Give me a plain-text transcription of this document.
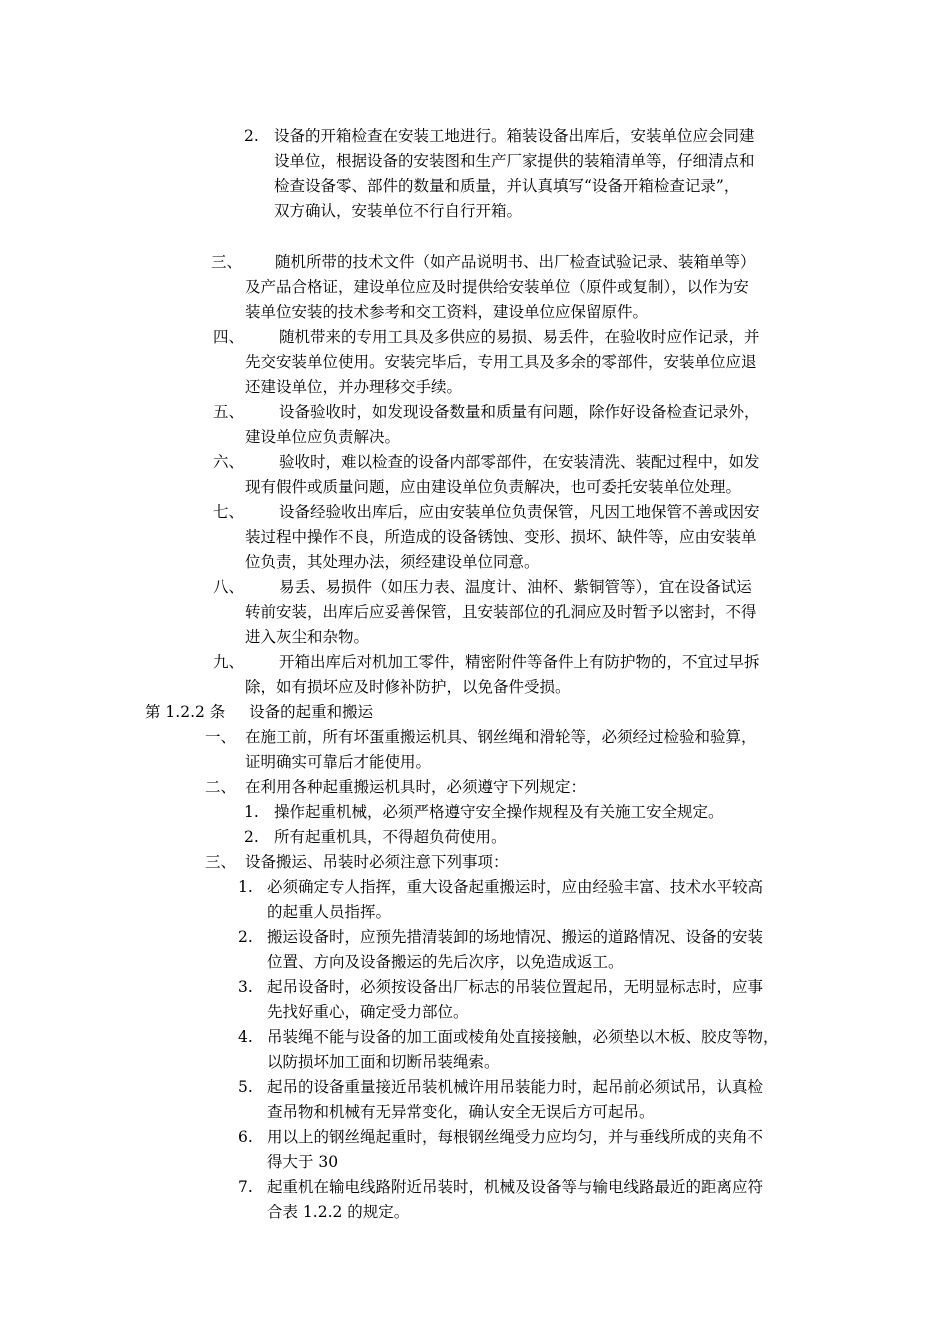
2. 设备的开箱检查在安装工地进行。箱装设备出库后，安装单位应会同建
设单位，根据设备的安装图和生产厂家提供的装箱清单等，仔细清点和
检查设备零、部件的数量和质量，并认真填写“设备开箱检查记录”，
双方确认，安装单位不行自行开箱。
三、	随机所带的技术文件（如产品说明书、出厂检查试验记录、装箱单等）
及产品合格证，建设单位应及时提供给安装单位（原件或复制），以作为安
装单位安装的技术参考和交工资料，建设单位应保留原件。
四、	随机带来的专用工具及多供应的易损、易丢件，在验收时应作记录，并
先交安装单位使用。安装完毕后，专用工具及多余的零部件，安装单位应退
还建设单位，并办理移交手续。
五、	设备验收时，如发现设备数量和质量有问题，除作好设备检查记录外，
建设单位应负责解决。
六、	验收时，难以检查的设备内部零部件，在安装清洗、装配过程中，如发
现有假件或质量问题，应由建设单位负责解决，也可委托安装单位处理。
七、	设备经验收出库后，应由安装单位负责保管，凡因工地保管不善或因安
装过程中操作不良，所造成的设备锈蚀、变形、损坏、缺件等，应由安装单
位负责，其处理办法，须经建设单位同意。
八、	易丢、易损件（如压力表、温度计、油杯、紫铜管等），宜在设备试运
转前安装，出库后应妥善保管，且安装部位的孔洞应及时暂予以密封，不得
进入灰尘和杂物。
九、	开箱出库后对机加工零件，精密附件等备件上有防护物的，不宜过早拆
除，如有损坏应及时修补防护，以免备件受损。
第 1.2.2 条 设备的起重和搬运
一、 在施工前，所有坏蛋重搬运机具、钢丝绳和滑轮等，必须经过检验和验算，
证明确实可靠后才能使用。
二、 在利用各种起重搬运机具时，必须遵守下列规定：
1. 操作起重机械，必须严格遵守安全操作规程及有关施工安全规定。
2. 所有起重机具，不得超负荷使用。
三、 设备搬运、吊装时必须注意下列事项：
1. 必须确定专人指挥，重大设备起重搬运时，应由经验丰富、技术水平较高
的起重人员指挥。
2. 搬运设备时，应预先措清装卸的场地情况、搬运的道路情况、设备的安装
位置、方向及设备搬运的先后次序，以免造成返工。
3. 起吊设备时，必须按设备出厂标志的吊装位置起吊，无明显标志时，应事
先找好重心，确定受力部位。
4. 吊装绳不能与设备的加工面或棱角处直接接触，必须垫以木板、胶皮等物，
以防损坏加工面和切断吊装绳索。
5. 起吊的设备重量接近吊装机械许用吊装能力时，起吊前必须试吊，认真检
查吊物和机械有无异常变化，确认安全无误后方可起吊。
6. 用以上的钢丝绳起重时，每根钢丝绳受力应均匀，并与垂线所成的夹角不
得大于 30
7. 起重机在输电线路附近吊装时，机械及设备等与输电线路最近的距离应符
合表 1.2.2 的规定。
